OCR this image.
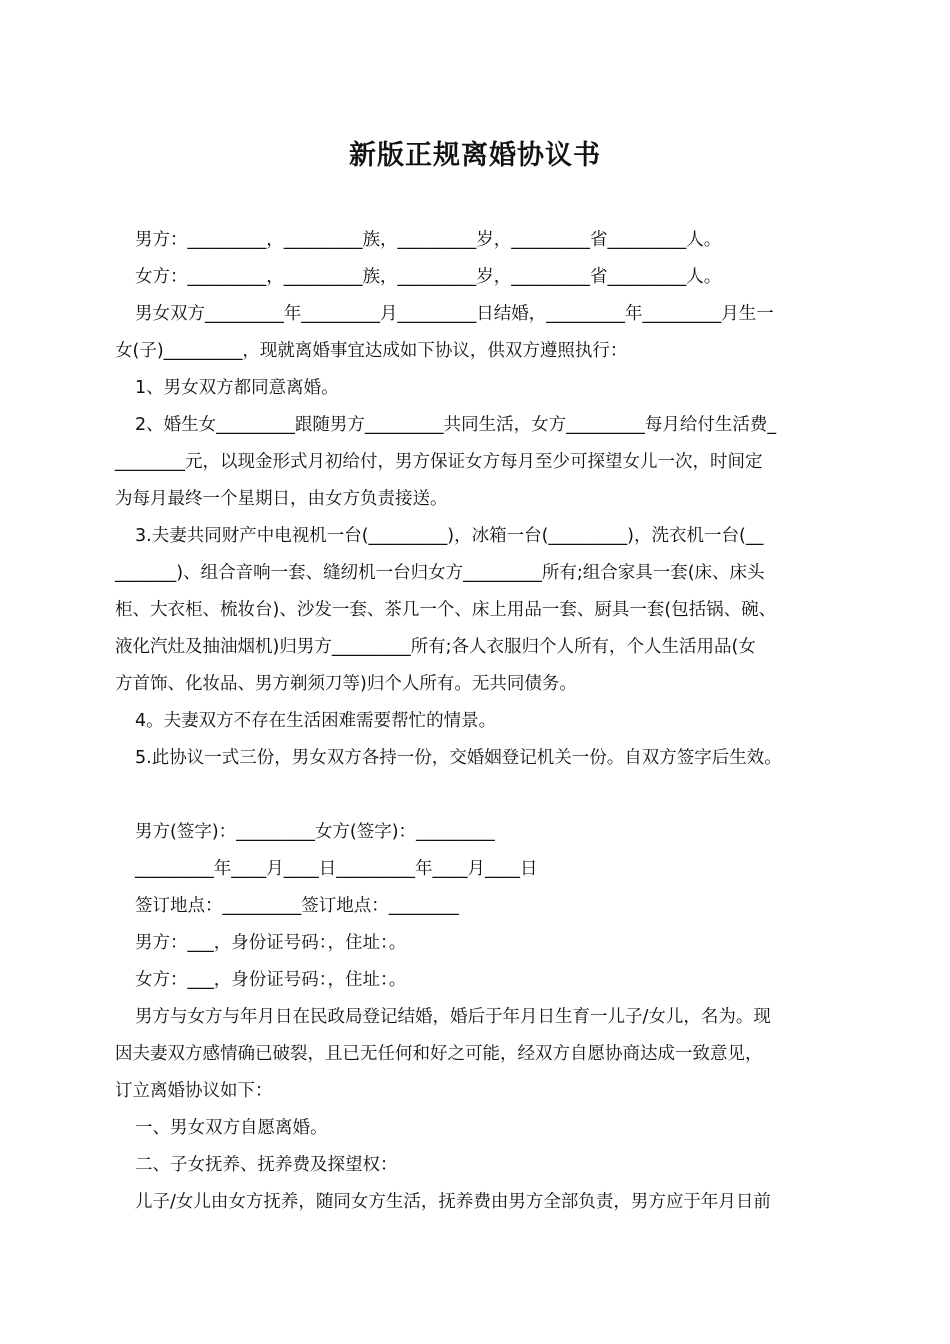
新版正规离婚协议书
男方：_________，_________族，_________岁，_________省_________人。
女方：_________，_________族，_________岁，_________省_________人。
男女双方_________年_________月_________日结婚，_________年_________月生一
女(子)_________，现就离婚事宜达成如下协议，供双方遵照执行：
1、男女双方都同意离婚。
2、婚生女_________跟随男方_________共同生活，女方_________每月给付生活费_
________元，以现金形式月初给付，男方保证女方每月至少可探望女儿一次，时间定
为每月最终一个星期日，由女方负责接送。
3.夫妻共同财产中电视机一台(_________)，冰箱一台(_________)，洗衣机一台(__
_______)、组合音响一套、缝纫机一台归女方_________所有;组合家具一套(床、床头
柜、大衣柜、梳妆台)、沙发一套、茶几一个、床上用品一套、厨具一套(包括锅、碗、
液化汽灶及抽油烟机)归男方_________所有;各人衣服归个人所有，个人生活用品(女
方首饰、化妆品、男方剃须刀等)归个人所有。无共同债务。
4。夫妻双方不存在生活困难需要帮忙的情景。
5.此协议一式三份，男女双方各持一份，交婚姻登记机关一份。自双方签字后生效。
男方(签字)：_________女方(签字)：_________
_________年____月____日_________年____月____日
签订地点：_________签订地点：________
男方：___，身份证号码：，住址：。
女方：___，身份证号码：，住址：。
男方与女方与年月日在民政局登记结婚，婚后于年月日生育一儿子/女儿，名为。现
因夫妻双方感情确已破裂，且已无任何和好之可能，经双方自愿协商达成一致意见，
订立离婚协议如下：
一、男女双方自愿离婚。
二、子女抚养、抚养费及探望权：
儿子/女儿由女方抚养，随同女方生活，抚养费由男方全部负责，男方应于年月日前
